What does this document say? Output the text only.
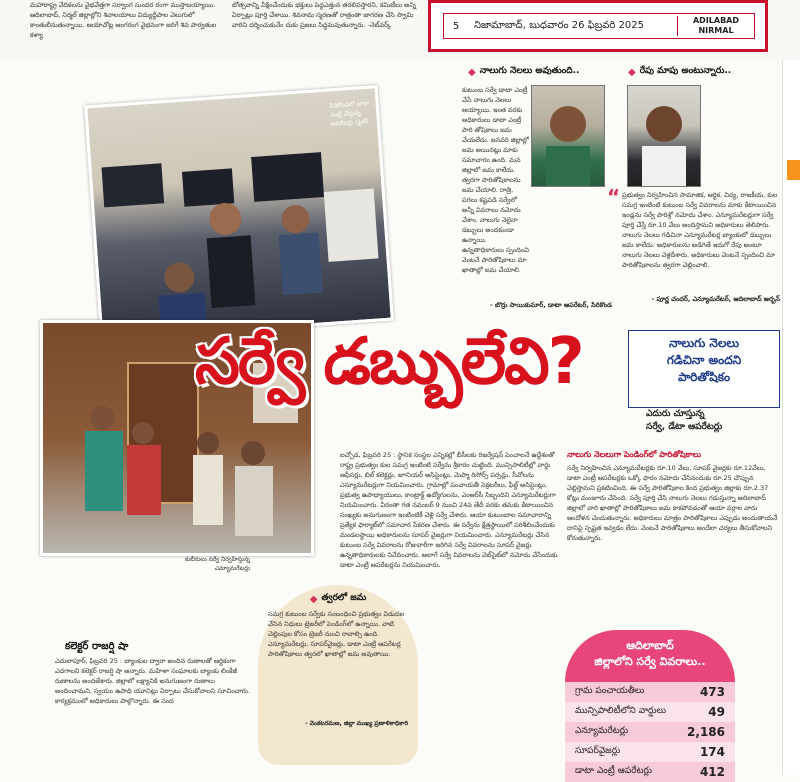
మహారాష్ట్ర వేదికలను వైభవేత్తగా సర్వాంగ సుందర రంగా ముస్తాబయ్యాయి. ఆదిలాబాద్, నిర్మల్ జిల్లాల్లోని శివాలయాలు విద్యుద్దీపాల వెలుగులో కాంతులీనుతున్నాయి. ఆయాచోట్ల ఆంగరంగ వైభవంగా జరిగే శివ పార్వతుల కళ్యా
బోత్సవాన్ని వీక్షించేందుకు భక్తులు పెద్దఎత్తున తరలివస్తారని, కమిటీలు అన్ని ఏర్పాట్లు పూర్తి చేశాయి. శివనామ స్మరణతో రాత్రంతా జాగరణ చేసి స్వామి వారిని దర్శించుకునేం దుకు ప్రజలు సిద్ధమవుతున్నారు. -నెట్‌వర్క్	5	నిజామాబాద్‌, బుధవారం 26 ఫిబ్రవరి 2025	ADILABAD
NIRMAL
సిరికొండలో డాటా ఎంట్రీ చేస్తున్న ఆపరేటర్లు (ఫైల్)
కుబీరులు సర్వే నిర్వహిస్తున్న ఎన్యూమరేటర్లు
◆ నాలుగు నెలలు అవుతుంది..
కుటుంబ సర్వే డాటా ఎంట్రీ చేసే నాలుగు నెలలు అయ్యాయి. ఇంత వరకు అధికారులు డాటా ఎంట్రీ పారి తోషికాలు జమ చేయలేదు. జనవరి జిల్లాల్లో జమ అయినట్లు మాకు సమాచారం ఉంది. మన జిల్లాలో జమ కాలేదు. త్వరగా పారితోషికాలను జమ చేయాలి. రాత్రి, పగలు కష్టపడి సర్వేలో అన్నీ వివరాలు నమోదు చేశాం. నాలుగు నెలైనా డబ్బులు అందకుండా ఉన్నాయి. ఉన్నతాధికారులు స్పందించి వెంటనే పారితోషికాలు మా ఖాతాల్లో జమ చేయాలి.
- బొర్రు సాయికుమార్‌, డాటా ఆపరేటర్‌, సిరికొండ
◆ రేపు మాపు అంటున్నారు..
“ ప్రభుత్వం నిర్వహించిన సామాజిక, ఆర్థిక, విద్య, రాజకీయ, కుల సమగ్ర ఇంటింటి కుటుంబ సర్వే వివరాలను మాకు కేటాయించిన ఇండ్లను సర్వే పారిశ్రో నమోదు చేశాం. ఎన్యూమరేటర్లుగా సర్వే పూర్తి చేస్తే రూ.10 వేలు అందిస్తామని అధికారులు తెలిపారు. నాలుగు నెలలు గడిచినా ఎన్యూమరేటర్ల బ్యాంకులో డబ్బులు జమ కాలేదు. అధికారులను అడిగితే ఇదుగో రేపు అంటూ నాలుగు నెలలు వెళ్లదీశారు. అధికారులు వెంటనే స్పందించి మా పారితోషికాలను త్వరగా చెల్లించాలి.
- పూర్ణ చందర్‌, ఎన్యూమరేటర్‌, ఆదిలాబాద్‌ అర్బన్‌
సర్వే డబ్బులేవి?	నాలుగు నెలలు
గడిచినా అందని
పారితోషికం
ఎదురు చూస్తున్న
సర్వే, డేటా ఆపరేటర్లు
ఐచ్చోడ, ఫిబ్రవరి 25 : స్థానిక సంస్థల ఎన్నికల్లో బీసీలకు రిజర్వేషన్‌ పెంచాలనే ఉద్దేశంతో రాష్ట్ర ప్రభుత్వం కుల సమగ్ర ఇంటింటి సర్వేను శ్రీకారం చుట్టింది. మున్సిపాలిటీల్లో వార్డు ఆఫీసర్లు, బిల్‌ కలెక్టర్లు, జూనియర్‌ అసిస్టెంట్లు, మెప్మా రిసోర్స్‌ పర్సన్లు, సీవోలను ఎన్యూమరేటర్లుగా నియమించారు. గ్రామాల్లో పంచాయతీ సెక్రటరీలు, ఫీల్డ్‌ అసిస్టెంట్లు, ప్రభుత్వ ఉపాధ్యాయులు, కాంట్రాక్ట్‌ ఉద్యోగులను, ఎంఆర్‌సీ సిబ్బందిని ఎన్యూమరేటర్లుగా నియమించారు. వీరంతా గత నవంబర్‌ 9 నుంచి 24వ తేదీ వరకు తమకు కేటాయించిన సంఖ్యకు అనుగుణంగా ఇంటింటికీ వెళ్లి సర్వే చేశారు. ఆయా కుటుంబాల సమాచారాన్ని ప్రత్యేక ఫార్మాట్‌లో సమాచార సేకరణ చేశారు. ఈ సర్వేను క్షేత్రస్థాయిలో పరిశీలించేందుకు మండలస్థాయి అధికారులను సూపర్‌ వైజర్లుగా నియమించారు. ఎన్యూమరేటర్లు చేసిన కుటుంబ సర్వే వివరాలను రోజువారీగా జరిగిన సర్వే వివరాలను సూపర్‌ వైజర్లు ఉన్నతాధికారులకు నివేదించారు. అలాగే సర్వే వివరాలను వెబ్‌సైట్‌లో నమోదు చేసేందుకు డాటా ఎంట్రీ ఆపరేటర్లను నియమించారు.
నాలుగు నెలలుగా పెండింగ్‌లో పారితోషికాలు
సర్వే నిర్వహించిన ఎన్యూమరేటర్లకు రూ.10 వేలు, సూపర్‌ వైజర్లకు రూ.12వేలు, డాటా ఎంట్రీ ఆపరేటర్లకు ఒక్కో ఫారం నమోదు చేసినందుకు రూ.25 చొప్పున చెల్లిస్తామని ప్రకటించింది. ఈ సర్వే పారితోషికాల కింద ప్రభుత్వం జిల్లాకు రూ.2.37 కోట్లు మంజూరు చేసింది. సర్వే పూర్తి చేసి నాలుగు నెలలు గడుస్తున్నా ఆదిలాబాద్‌ జిల్లాలో వారి ఖాతాల్లో పారితోషికాలు జమ కాకపోవడంతో ఆయా వర్గాల వారు ఆందోళన చెందుతున్నారు. అధికారులు మాత్రం పారితోషికాలు ఎప్పుడు అందుతాయనే దానిపై స్పష్టత ఇవ్వడం లేదు. వెంటనే పారితోషికాలు అందేలా చర్యలు తీసుకోవాలని కోరుతున్నారు.
◆ త్వరలో జమ
సమగ్ర కుటుంబ సర్వేకు సంబంధించి ప్రభుత్వం విడుదల చేసిన నిధులు ట్రెజరీలో పెండింగ్‌లో ఉన్నాయి. వాటి చెల్లింపుల కోసం ట్రెజరీ నుంచి రావాల్సి ఉంది. ఎన్యూమరేటర్లు, సూపర్‌వైజర్లు, డాటా ఎంట్రీ ఆపరేటర్ల పారితోషికాలు త్వరలో ఖాతాల్లో జమ అవుతాయి.
- వెంకటరమణ, జిల్లా ముఖ్య ప్రణాళికాధికారి
కలెక్టర్‌ రాజర్షి షా
ఎదులాపూర్‌, ఫిబ్రవరి 25 : బ్యాంకుల ద్వారా అందిన రుణాలతో ఆర్థికంగా ఎదగాలని కలెక్టర్‌ రాజర్షి షా అన్నారు. మహిళా సంఘాలకు బ్యాంకు లింకేజీ రుణాలను అందజేశారు. జిల్లాలో లక్ష్యానికి అనుగుణంగా రుణాలు అందించామని, స్వయం ఉపాధి యూనిట్లు ఏర్పాటు చేసుకోవాలని సూచించారు. కార్యక్రమంలో అధికారులు పాల్గొన్నారు. ఈ సంద
ఆదిలాబాద్‌
జిల్లాలోని సర్వే వివరాలు..
గ్రామ పంచాయతీలు	473
మున్సిపాలిటీలోని వార్డులు	49
ఎన్యూమరేటర్లు	2,186
సూపర్‌వైజర్లు	174
డాటా ఎంట్రీ ఆపరేటర్లు	412
